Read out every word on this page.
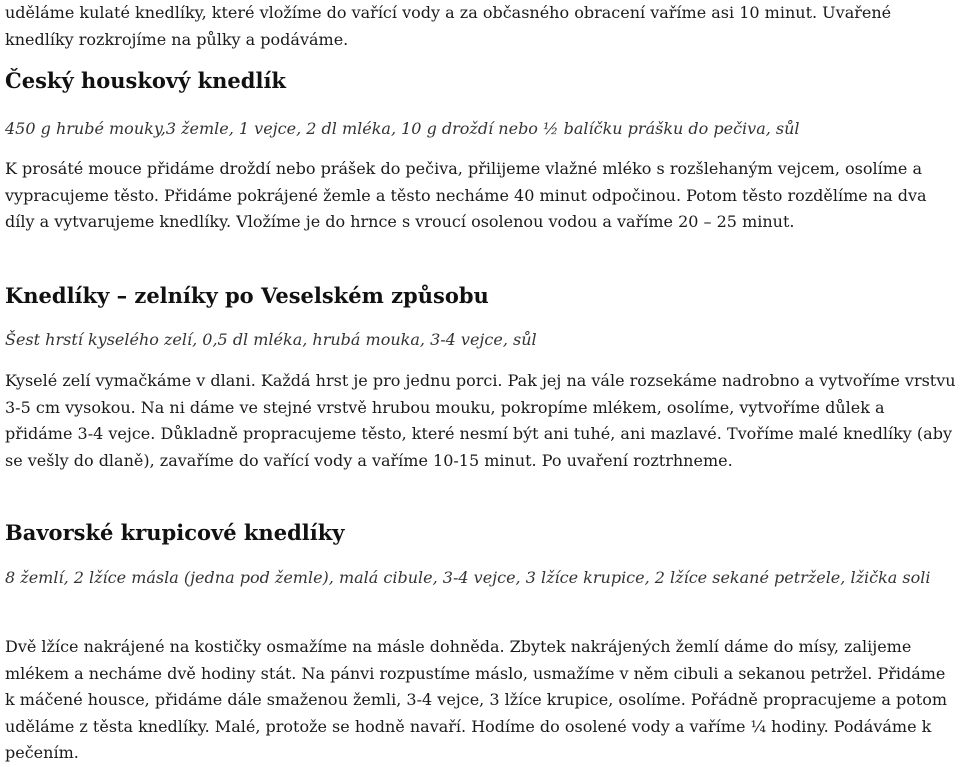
uděláme kulaté knedlíky, které vložíme do vařící vody a za občasného obracení vaříme asi 10 minut. Uvařené knedlíky rozkrojíme na půlky a podáváme.

Český houskový knedlík

450 g hrubé mouky,3 žemle, 1 vejce, 2 dl mléka, 10 g droždí nebo ½ balíčku prášku do pečiva, sůl

K prosáté mouce přidáme droždí nebo prášek do pečiva, přilijeme vlažné mléko s rozšlehaným vejcem, osolíme a vypracujeme těsto. Přidáme pokrájené žemle a těsto necháme 40 minut odpočinou. Potom těsto rozdělíme na dva díly a vytvarujeme knedlíky. Vložíme je do hrnce s vroucí osolenou vodou a vaříme 20 – 25 minut.

Knedlíky – zelníky po Veselském způsobu

Šest hrstí kyselého zelí, 0,5 dl mléka, hrubá mouka, 3-4 vejce, sůl

Kyselé zelí vymačkáme v dlani. Každá hrst je pro jednu porci. Pak jej na vále rozsekáme nadrobno a vytvoříme vrstvu 3-5 cm vysokou. Na ni dáme ve stejné vrstvě hrubou mouku, pokropíme mlékem, osolíme, vytvoříme důlek a přidáme 3-4 vejce. Důkladně propracujeme těsto, které nesmí být ani tuhé, ani mazlavé. Tvoříme malé knedlíky (aby se vešly do dlaně), zavaříme do vařící vody a vaříme 10-15 minut. Po uvaření roztrhneme.

Bavorské krupicové knedlíky

8 žemlí, 2 lžíce másla (jedna pod žemle), malá cibule, 3-4 vejce, 3 lžíce krupice, 2 lžíce sekané petržele, lžička soli

Dvě lžíce nakrájené na kostičky osmažíme na másle dohněda. Zbytek nakrájených žemlí dáme do mísy, zalijeme mlékem a necháme dvě hodiny stát. Na pánvi rozpustíme máslo, usmažíme v něm cibuli a sekanou petržel. Přidáme k máčené housce, přidáme dále smaženou žemli, 3-4 vejce, 3 lžíce krupice, osolíme. Pořádně propracujeme a potom uděláme z těsta knedlíky. Malé, protože se hodně navaří. Hodíme do osolené vody a vaříme ¼ hodiny. Podáváme k pečením.
